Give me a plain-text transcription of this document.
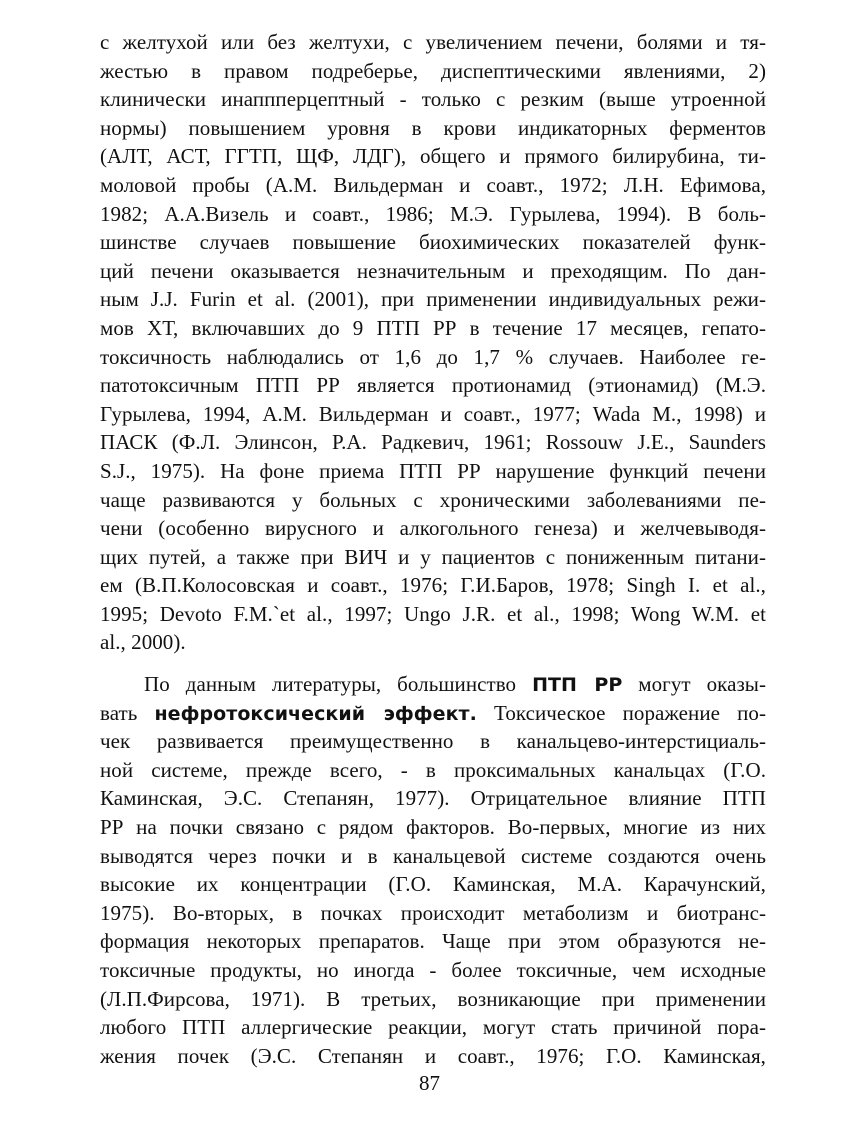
с желтухой или без желтухи, с увеличением печени, болями и тя-
жестью в правом подреберье, диспептическими явлениями, 2)
клинически инаппперцептный - только с резким (выше утроенной
нормы) повышением уровня в крови индикаторных ферментов
(АЛТ, АСТ, ГГТП, ЩФ, ЛДГ), общего и прямого билирубина, ти-
моловой пробы (А.М. Вильдерман и соавт., 1972; Л.Н. Ефимова,
1982; А.А.Визель и соавт., 1986; М.Э. Гурылева, 1994). В боль-
шинстве случаев повышение биохимических показателей функ-
ций печени оказывается незначительным и преходящим. По дан-
ным J.J. Furin et al. (2001), при применении индивидуальных режи-
мов ХТ, включавших до 9 ПТП РР в течение 17 месяцев, гепато-
токсичность наблюдались от 1,6 до 1,7 % случаев. Наиболее ге-
патотоксичным ПТП РР является протионамид (этионамид) (М.Э.
Гурылева, 1994, А.М. Вильдерман и соавт., 1977; Wada M., 1998) и
ПАСК (Ф.Л. Элинсон, Р.А. Радкевич, 1961; Rossouw J.E., Saunders
S.J., 1975). На фоне приема ПТП РР нарушение функций печени
чаще развиваются у больных с хроническими заболеваниями пе-
чени (особенно вирусного и алкогольного генеза) и желчевыводя-
щих путей, а также при ВИЧ и у пациентов с пониженным питани-
ем (В.П.Колосовская и соавт., 1976; Г.И.Баров, 1978; Singh I. et al.,
1995; Devoto F.M.`et al., 1997; Ungo J.R. et al., 1998; Wong W.M. et
al., 2000).
По данным литературы, большинство ПТП РР могут оказы-
вать нефротоксический эффект. Токсическое поражение по-
чек развивается преимущественно в канальцево-интерстициаль-
ной системе, прежде всего, - в проксимальных канальцах (Г.О.
Каминская, Э.С. Степанян, 1977). Отрицательное влияние ПТП
РР на почки связано с рядом факторов. Во-первых, многие из них
выводятся через почки и в канальцевой системе создаются очень
высокие их концентрации (Г.О. Каминская, М.А. Карачунский,
1975). Во-вторых, в почках происходит метаболизм и биотранс-
формация некоторых препаратов. Чаще при этом образуются не-
токсичные продукты, но иногда - более токсичные, чем исходные
(Л.П.Фирсова, 1971). В третьих, возникающие при применении
любого ПТП аллергические реакции, могут стать причиной пора-
жения почек (Э.С. Степанян и соавт., 1976; Г.О. Каминская,
87
